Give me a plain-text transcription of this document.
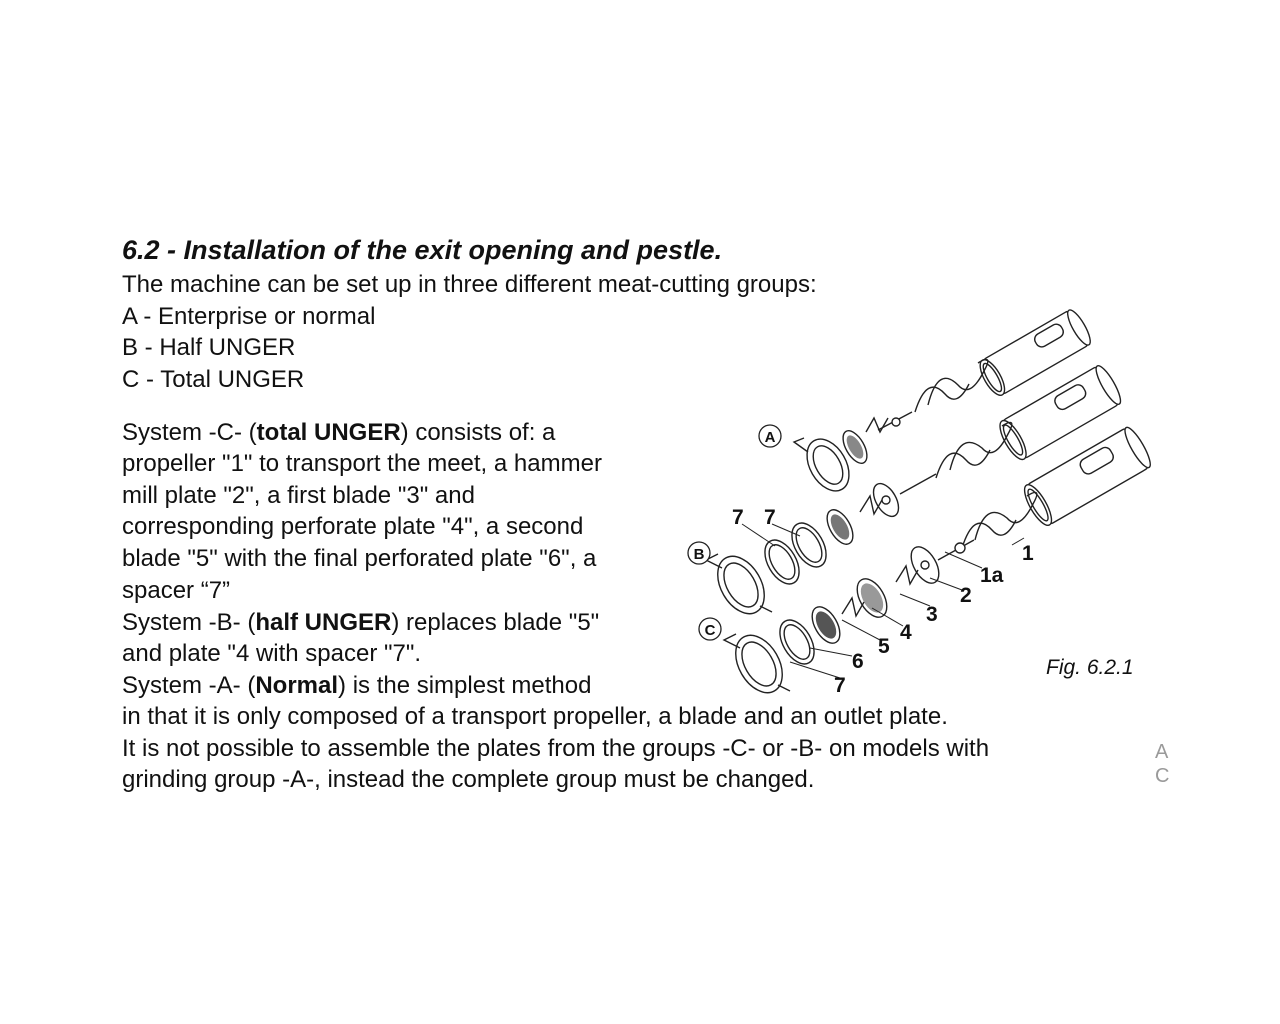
6.2 - Installation of the exit opening and pestle.

The machine can be set up in three different meat-cutting groups:

A - Enterprise or normal

B - Half UNGER

C - Total UNGER

System -C- (total UNGER) consists of: a

propeller "1" to transport the meet, a hammer

mill plate "2", a first blade "3" and

corresponding perforate plate "4", a second

blade "5" with the final perforated plate "6", a

spacer “7”

System -B- (half UNGER) replaces blade "5"

and plate "4 with spacer "7".

System -A- (Normal) is the simplest method

in that it is only composed of a transport propeller, a blade and an outlet plate.

It is not possible to assemble the plates from the groups -C- or -B- on models with

grinding group -A-, instead the complete group must be changed.

A
C
A
B
C
1
1a
2
3
4
5
6
7
7 7
Fig. 6.2.1
